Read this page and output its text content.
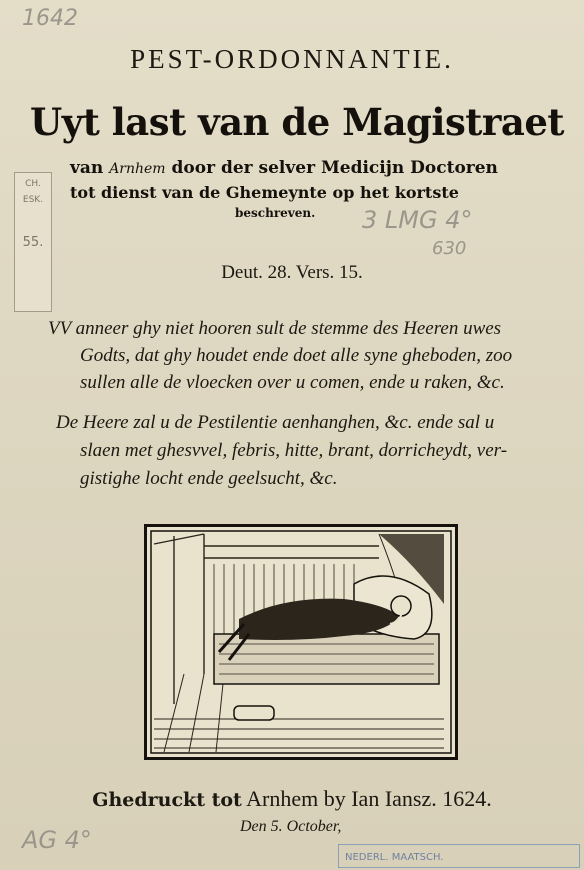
1642
3 LMG 4°
630
AG 4°
CH.
ESK.
55.
PEST-ORDONNANTIE.
Uyt last van de Magistraet
van Arnhem door der selver Medicijn Doctoren
tot dienst van de Ghemeynte op het kortste
beschreven.
Deut. 28. Vers. 15.
VV anneer ghy niet hooren sult de stemme des Heeren uwes
Godts, dat ghy houdet ende doet alle syne gheboden, zoo
sullen alle de vloecken over u comen, ende u raken, &c.
De Heere zal u de Pestilentie aenhanghen, &c. ende sal u
slaen met ghesvvel, febris, hitte, brant, dorricheydt, ver-
gistighe locht ende geelsucht, &c.
Ghedruckt tot Arnhem by Ian Iansz. 1624.
Den 5. October,
NEDERL. MAATSCH.
